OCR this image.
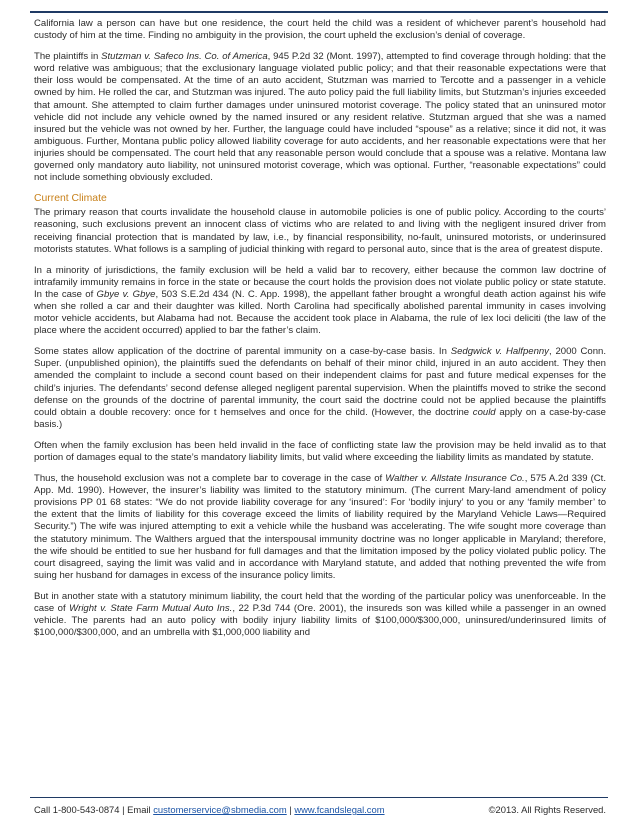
California law a person can have but one residence, the court held the child was a resident of whichever parent’s household had custody of him at the time. Finding no ambiguity in the provision, the court upheld the exclusion’s denial of coverage.

The plaintiffs in Stutzman v. Safeco Ins. Co. of America, 945 P.2d 32 (Mont. 1997), attempted to find coverage through holding: that the word relative was ambiguous; that the exclusionary language violated public policy; and that their reasonable expectations were that their loss would be compensated. At the time of an auto accident, Stutzman was married to Tercotte and a passenger in a vehicle owned by him. He rolled the car, and Stutzman was injured. The auto policy paid the full liability limits, but Stutzman’s injuries exceeded that amount. She attempted to claim further damages under uninsured motorist coverage. The policy stated that an uninsured motor vehicle did not include any vehicle owned by the named insured or any resident relative. Stutzman argued that she was a named insured but the vehicle was not owned by her. Further, the language could have included “spouse” as a relative; since it did not, it was ambiguous. Further, Montana public policy allowed liability coverage for auto accidents, and her reasonable expectations were that her injuries should be compensated. The court held that any reasonable person would conclude that a spouse was a relative. Montana law governed only mandatory auto liability, not uninsured motorist coverage, which was optional. Further, “reasonable expectations” could not include something obviously excluded.

Current Climate

The primary reason that courts invalidate the household clause in automobile policies is one of public policy. According to the courts’ reasoning, such exclusions prevent an innocent class of victims who are related to and living with the negligent insured driver from receiving financial protection that is mandated by law, i.e., by financial responsibility, no-fault, uninsured motorists, or underinsured motorists statutes. What follows is a sampling of judicial thinking with regard to personal auto, since that is the area of greatest dispute.

In a minority of jurisdictions, the family exclusion will be held a valid bar to recovery, either because the common law doctrine of intrafamily immunity remains in force in the state or because the court holds the provision does not violate public policy or state statute. In the case of Gbye v. Gbye, 503 S.E.2d 434 (N. C. App. 1998), the appellant father brought a wrongful death action against his wife when she rolled a car and their daughter was killed. North Carolina had specifically abolished parental immunity in cases involving motor vehicle accidents, but Alabama had not. Because the accident took place in Alabama, the rule of lex loci deliciti (the law of the place where the accident occurred) applied to bar the father’s claim.

Some states allow application of the doctrine of parental immunity on a case-by-case basis. In Sedgwick v. Halfpenny, 2000 Conn. Super. (unpublished opinion), the plaintiffs sued the defendants on behalf of their minor child, injured in an auto accident. They then amended the complaint to include a second count based on their independent claims for past and future medical expenses for the child’s injuries. The defendants’ second defense alleged negligent parental supervision. When the plaintiffs moved to strike the second defense on the grounds of the doctrine of parental immunity, the court said the doctrine could not be applied because the plaintiffs could obtain a double recovery: once for t hemselves and once for the child. (However, the doctrine could apply on a case-by-case basis.)

Often when the family exclusion has been held invalid in the face of conflicting state law the provision may be held invalid as to that portion of damages equal to the state’s mandatory liability limits, but valid where exceeding the liability limits as mandated by statute.

Thus, the household exclusion was not a complete bar to coverage in the case of Walther v. Allstate Insurance Co., 575 A.2d 339 (Ct. App. Md. 1990). However, the insurer’s liability was limited to the statutory minimum. (The current Mary-land amendment of policy provisions PP 01 68 states: “We do not provide liability coverage for any ‘insured’: For ‘bodily injury’ to you or any ‘family member’ to the extent that the limits of liability for this coverage exceed the limits of liability required by the Maryland Vehicle Laws—Required Security.”) The wife was injured attempting to exit a vehicle while the husband was accelerating. The wife sought more coverage than the statutory minimum. The Walthers argued that the interspousal immunity doctrine was no longer applicable in Maryland; therefore, the wife should be entitled to sue her husband for full damages and that the limitation imposed by the policy violated public policy. The court disagreed, saying the limit was valid and in accordance with Maryland statute, and added that nothing prevented the wife from suing her husband for damages in excess of the insurance policy limits.

But in another state with a statutory minimum liability, the court held that the wording of the particular policy was unenforceable. In the case of Wright v. State Farm Mutual Auto Ins., 22 P.3d 744 (Ore. 2001), the insureds son was killed while a passenger in an owned vehicle. The parents had an auto policy with bodily injury liability limits of $100,000/$300,000, uninsured/underinsured limits of $100,000/$300,000, and an umbrella with $1,000,000 liability and

Call 1-800-543-0874 | Email customerservice@sbmedia.com | www.fcandslegal.com	©2013. All Rights Reserved.
